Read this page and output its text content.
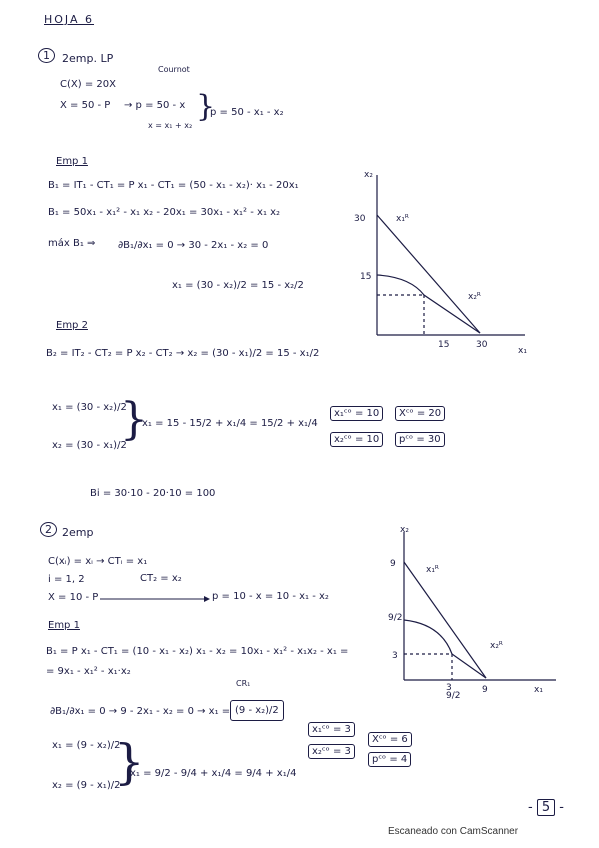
HOJA 6
1	2emp. LP
Cournot
C(X) = 20X
X = 50 - P → p = 50 - x
x = x₁ + x₂
}
p = 50 - x₁ - x₂
Emp 1
B₁ = IT₁ - CT₁ = P x₁ - CT₁ = (50 - x₁ - x₂)· x₁ - 20x₁
B₁ = 50x₁ - x₁² - x₁ x₂ - 20x₁ = 30x₁ - x₁² - x₁ x₂
máx B₁ ⇒ ∂B₁/∂x₁ = 0 → 30 - 2x₁ - x₂ = 0
x₁ = (30 - x₂)/2 = 15 - x₂/2
Emp 2
B₂ = IT₂ - CT₂ = P x₂ - CT₂ → x₂ = (30 - x₁)/2 = 15 - x₁/2
x₁ = (30 - x₂)/2
x₂ = (30 - x₁)/2
}
x₁ = 15 - 15/2 + x₁/4 = 15/2 + x₁/4
x₁ᶜᵒ = 10
x₂ᶜᵒ = 10
Xᶜᵒ = 20
pᶜᵒ = 30
Bi = 30·10 - 20·10 = 100
x₂
x₁
30
15
15	30
x₁ᴿ
x₂ᴿ
2 2emp
C(xᵢ) = xᵢ → CTᵢ = x₁
i = 1, 2	CT₂ = x₂
X = 10 - P	p = 10 - x = 10 - x₁ - x₂
Emp 1
B₁ = P x₁ - CT₁ = (10 - x₁ - x₂) x₁ - x₂ = 10x₁ - x₁² - x₁x₂ - x₁ =
= 9x₁ - x₁² - x₁·x₂
CR₁
∂B₁/∂x₁ = 0 → 9 - 2x₁ - x₂ = 0 → x₁ = (9 - x₂)/2
x₁ = (9 - x₂)/2
x₂ = (9 - x₁)/2
}
x₁ = 9/2 - 9/4 + x₁/4 = 9/4 + x₁/4
x₁ᶜᵒ = 3
x₂ᶜᵒ = 3
Xᶜᵒ = 6
pᶜᵒ = 4
x₂
x₁
9
9/2
3
3
9/2
9
x₁ᴿ
x₂ᴿ
- 5 -
Escaneado con CamScanner
